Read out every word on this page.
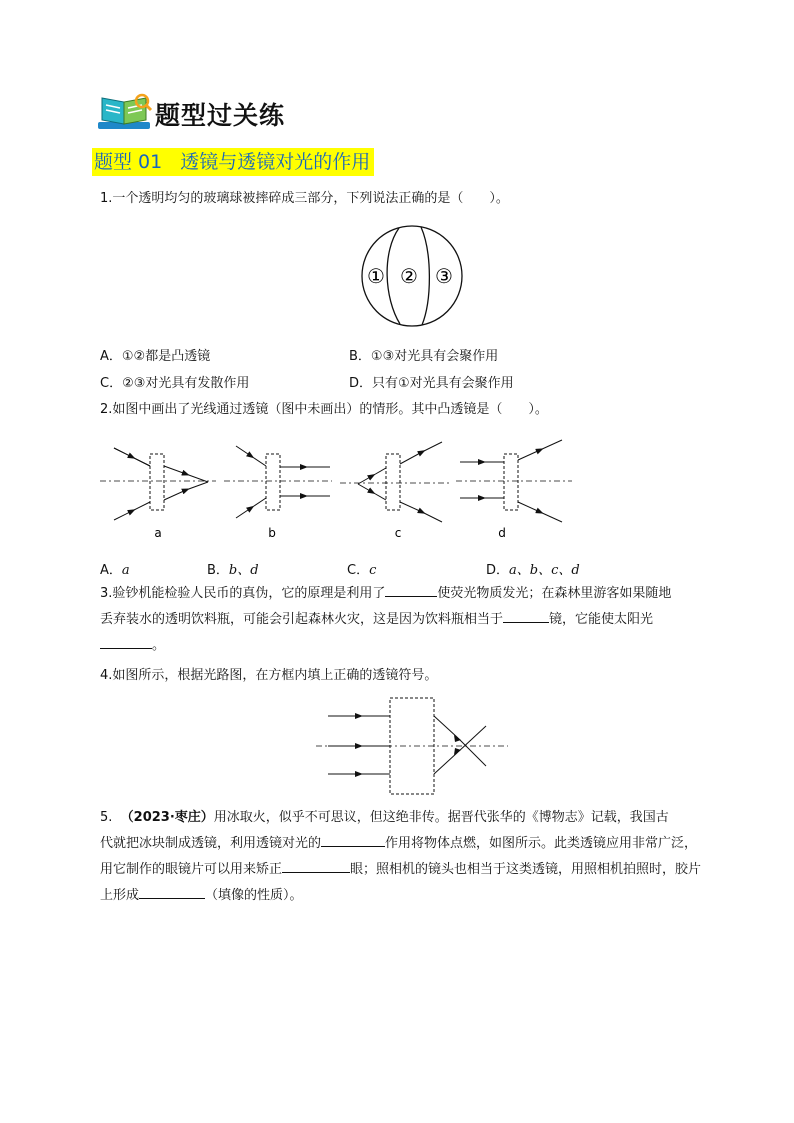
题型过关练
题型 01 透镜与透镜对光的作用
1.一个透明均匀的玻璃球被摔碎成三部分，下列说法正确的是（　　）。
① ② ③
A．①②都是凸透镜	B．①③对光具有会聚作用
C．②③对光具有发散作用	D．只有①对光具有会聚作用
2.如图中画出了光线通过透镜（图中未画出）的情形。其中凸透镜是（　　）。
a	b	c	d
A．a	B．b、d	C．c	D．a、b、c、d
3.验钞机能检验人民币的真伪，它的原理是利用了	使荧光物质发光；在森林里游客如果随地
丢弃装水的透明饮料瓶，可能会引起森林火灾，这是因为饮料瓶相当于	镜，它能使太阳光
。
4.如图所示，根据光路图，在方框内填上正确的透镜符号。
5. （2023·枣庄）用冰取火，似乎不可思议，但这绝非传。据晋代张华的《博物志》记载，我国古
代就把冰块制成透镜，利用透镜对光的	作用将物体点燃，如图所示。此类透镜应用非常广泛，
用它制作的眼镜片可以用来矫正	眼；照相机的镜头也相当于这类透镜，用照相机拍照时，胶片
上形成	（填像的性质）。
